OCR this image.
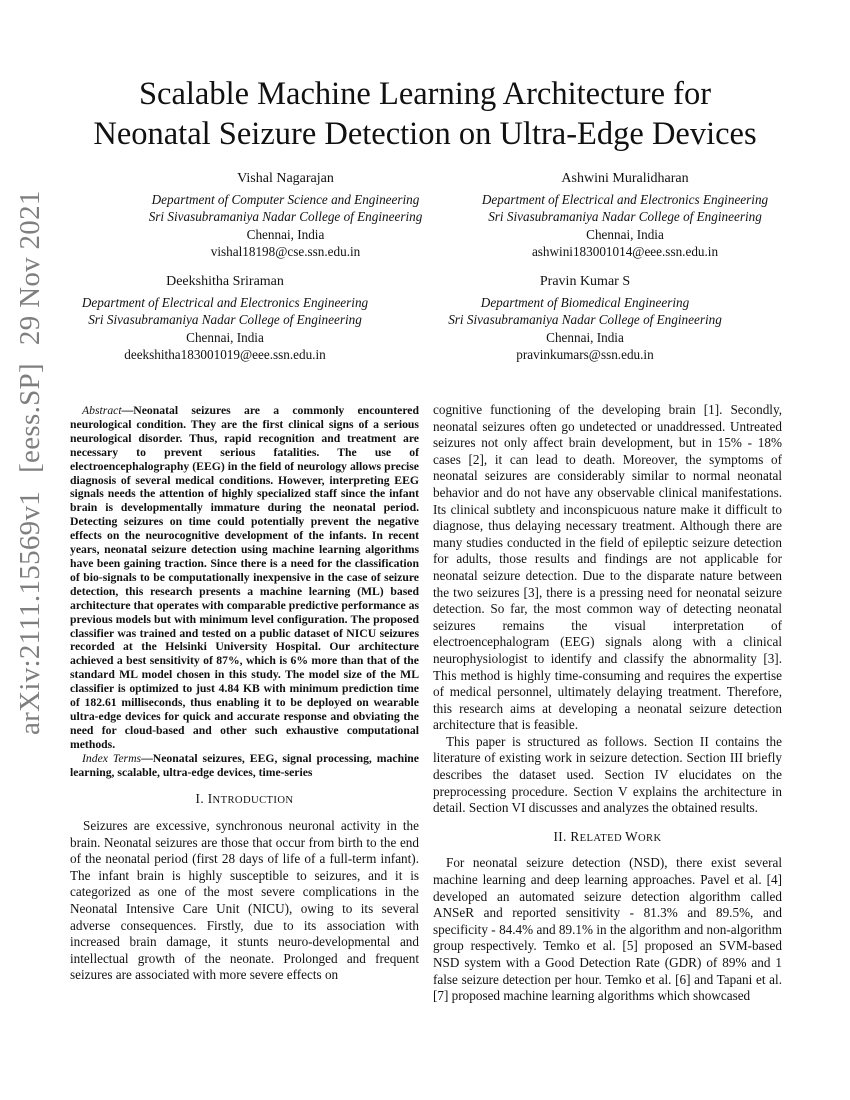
arXiv:2111.15569v1[eess.SP]29 Nov 2021
Scalable Machine Learning Architecture for
Neonatal Seizure Detection on Ultra-Edge Devices
Vishal Nagarajan
Department of Computer Science and Engineering
Sri Sivasubramaniya Nadar College of Engineering
Chennai, India
vishal18198@cse.ssn.edu.in
Ashwini Muralidharan
Department of Electrical and Electronics Engineering
Sri Sivasubramaniya Nadar College of Engineering
Chennai, India
ashwini183001014@eee.ssn.edu.in
Deekshitha Sriraman
Department of Electrical and Electronics Engineering
Sri Sivasubramaniya Nadar College of Engineering
Chennai, India
deekshitha183001019@eee.ssn.edu.in
Pravin Kumar S
Department of Biomedical Engineering
Sri Sivasubramaniya Nadar College of Engineering
Chennai, India
pravinkumars@ssn.edu.in

Abstract—Neonatal seizures are a commonly encountered neurological condition. They are the first clinical signs of a serious neurological disorder. Thus, rapid recognition and treatment are necessary to prevent serious fatalities. The use of electroencephalography (EEG) in the field of neurology allows precise diagnosis of several medical conditions. However, interpreting EEG signals needs the attention of highly specialized staff since the infant brain is developmentally immature during the neonatal period. Detecting seizures on time could potentially prevent the negative effects on the neurocognitive development of the infants. In recent years, neonatal seizure detection using machine learning algorithms have been gaining traction. Since there is a need for the classification of bio-signals to be computationally inexpensive in the case of seizure detection, this research presents a machine learning (ML) based architecture that operates with comparable predictive performance as previous models but with minimum level configuration. The proposed classifier was trained and tested on a public dataset of NICU seizures recorded at the Helsinki University Hospital. Our architecture achieved a best sensitivity of 87%, which is 6% more than that of the standard ML model chosen in this study. The model size of the ML classifier is optimized to just 4.84 KB with minimum prediction time of 182.61 milliseconds, thus enabling it to be deployed on wearable ultra-edge devices for quick and accurate response and obviating the need for cloud-based and other such exhaustive computational methods.

Index Terms—Neonatal seizures, EEG, signal processing, machine learning, scalable, ultra-edge devices, time-series

I. INTRODUCTION

Seizures are excessive, synchronous neuronal activity in the brain. Neonatal seizures are those that occur from birth to the end of the neonatal period (first 28 days of life of a full-term infant). The infant brain is highly susceptible to seizures, and it is categorized as one of the most severe complications in the Neonatal Intensive Care Unit (NICU), owing to its several adverse consequences. Firstly, due to its association with increased brain damage, it stunts neuro-developmental and intellectual growth of the neonate. Prolonged and frequent seizures are associated with more severe effects on

cognitive functioning of the developing brain [1]. Secondly, neonatal seizures often go undetected or unaddressed. Untreated seizures not only affect brain development, but in 15% - 18% cases [2], it can lead to death. Moreover, the symptoms of neonatal seizures are considerably similar to normal neonatal behavior and do not have any observable clinical manifestations. Its clinical subtlety and inconspicuous nature make it difficult to diagnose, thus delaying necessary treatment. Although there are many studies conducted in the field of epileptic seizure detection for adults, those results and findings are not applicable for neonatal seizure detection. Due to the disparate nature between the two seizures [3], there is a pressing need for neonatal seizure detection. So far, the most common way of detecting neonatal seizures remains the visual interpretation of electroencephalogram (EEG) signals along with a clinical neurophysiologist to identify and classify the abnormality [3]. This method is highly time-consuming and requires the expertise of medical personnel, ultimately delaying treatment. Therefore, this research aims at developing a neonatal seizure detection architecture that is feasible.

This paper is structured as follows. Section II contains the literature of existing work in seizure detection. Section III briefly describes the dataset used. Section IV elucidates on the preprocessing procedure. Section V explains the architecture in detail. Section VI discusses and analyzes the obtained results.

II. RELATED WORK

For neonatal seizure detection (NSD), there exist several machine learning and deep learning approaches. Pavel et al. [4] developed an automated seizure detection algorithm called ANSeR and reported sensitivity - 81.3% and 89.5%, and specificity - 84.4% and 89.1% in the algorithm and non-algorithm group respectively. Temko et al. [5] proposed an SVM-based NSD system with a Good Detection Rate (GDR) of 89% and 1 false seizure detection per hour. Temko et al. [6] and Tapani et al. [7] proposed machine learning algorithms which showcased
